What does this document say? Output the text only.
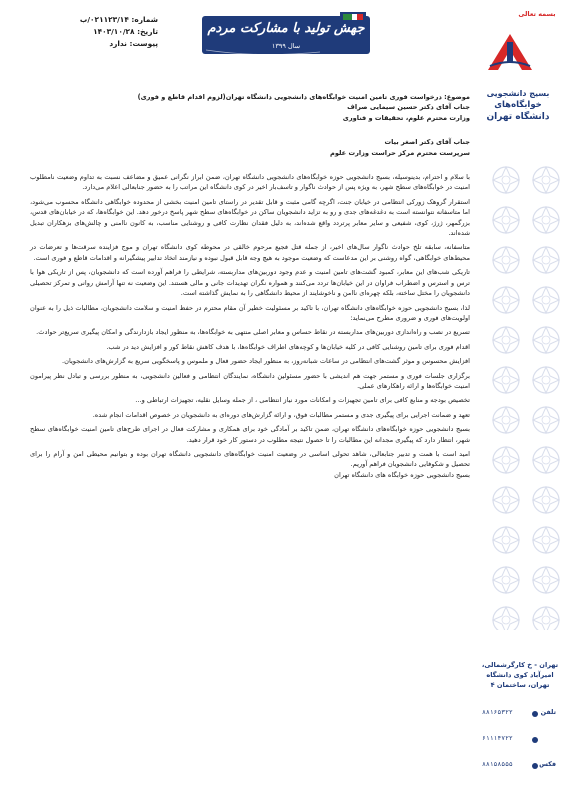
شماره: ۰۲۱۱۲۳/۱۴/ب
تاریخ: ۱۴۰۳/۱۰/۲۸
پیوست: ندارد
جهش تولید با مشارکت مردم
سال ۱۳۹۹
بسمه تعالی
بسیج دانشجویی
خوابگاه‌های
دانشگاه تهران
تهران - خ کارگرشمالی، امیرآباد کوی دانشگاه تهران، ساختمان ۴
تلفن
۸۸۱۶۵۳۲۲
۶۱۱۱۴۷۲۲
فکس
۸۸۱۵۸۵۵۵

موضوع: درخواست فوری تامین امنیت خوابگاه‌های دانشجویی دانشگاه تهران(لزوم اقدام قاطع و فوری)

جناب آقای دکتر حسین سیمایی صراف

وزارت محترم علوم، تحقیقات و فناوری

جناب آقای دکتر اصغر بیات

سرپرست محترم مرکز حراست وزارت علوم

با سلام و احترام، بدینوسیله، بسیج دانشجویی حوزه خوابگاه‌های دانشجویی دانشگاه تهران، ضمن ابراز نگرانی عمیق و مضاعف نسبت به تداوم وضعیت نامطلوب امنیت در خوابگاه‌های سطح شهر، به ویژه پس از حوادث ناگوار و تاسف‌بار اخیر در کوی دانشگاه این مراتب را به حضور جنابعالی اعلام می‌دارد.

استقرار گروهک زورکی انتظامی در خیابان جنت، اگرچه گامی مثبت و قابل تقدیر در راستای تامین امنیت بخشی از محدوده خوابگاهی دانشگاه محسوب می‌شود، اما متاسفانه نتوانسته است به دغدغه‌های جدی و رو به تزاید دانشجویان ساکن در خوابگاه‌های سطح شهر پاسخ درخور دهد. این خوابگاه‌ها، که در خیابان‌های قدس، بزرگمهر، ژرژ، کوی، شفیعی و سایر معابر پرتردد واقع شده‌اند، به دلیل فقدان نظارت کافی و روشنایی مناسب، به کانون ناامنی و چالش‌های بزهکاران تبدیل شده‌اند.

متاسفانه، سابقه تلخ حوادث ناگوار سال‌های اخیر، از جمله قتل فجیع مرحوم خالقی در محوطه کوی دانشگاه تهران و موج فزاینده سرقت‌ها و تعرضات در محیط‌های خوابگاهی، گواه روشنی بر این مدعاست که وضعیت موجود به هیچ وجه قابل قبول نبوده و نیازمند اتخاذ تدابیر پیشگیرانه و اقدامات قاطع و فوری است.

تاریکی شب‌های این معابر، کمبود گشت‌های تامین امنیت و عدم وجود دوربین‌های مداربسته، شرایطی را فراهم آورده است که دانشجویان، پس از تاریکی هوا با ترس و استرس و اضطراب فراوان در این خیابان‌ها تردد می‌کنند و همواره نگران تهدیدات جانی و مالی هستند. این وضعیت نه تنها آرامش روانی و تمرکز تحصیلی دانشجویان را مختل ساخته، بلکه چهره‌ای ناامن و ناخوشایند از محیط دانشگاهی را به نمایش گذاشته است.

لذا، بسیج دانشجویی حوزه خوابگاه‌های دانشگاه تهران، با تاکید بر مسئولیت خطیر آن مقام محترم در حفظ امنیت و سلامت دانشجویان، مطالبات ذیل را به عنوان اولویت‌های فوری و ضروری مطرح می‌نماید:

تسریع در نصب و راه‌اندازی دوربین‌های مداربسته در نقاط حساس و معابر اصلی منتهی به خوابگاه‌ها، به منظور ایجاد بازدارندگی و امکان پیگیری سریع‌تر حوادث.

اقدام فوری برای تامین روشنایی کافی در کلیه خیابان‌ها و کوچه‌های اطراف خوابگاه‌ها، با هدف کاهش نقاط کور و افزایش دید در شب.

افزایش محسوس و موثر گشت‌های انتظامی در ساعات شبانه‌روز، به منظور ایجاد حضور فعال و ملموس و پاسخگویی سریع به گزارش‌های دانشجویان.

برگزاری جلسات فوری و مستمر جهت هم اندیشی با حضور مسئولین دانشگاه، نمایندگان انتظامی و فعالین دانشجویی، به منظور بررسی و تبادل نظر پیرامون امنیت خوابگاه‌ها و ارائه راهکارهای عملی.

تخصیص بودجه و منابع کافی برای تامین تجهیزات و امکانات مورد نیاز انتظامی ، از جمله وسایل نقلیه، تجهیزات ارتباطی و...

تعهد و ضمانت اجرایی برای پیگیری جدی و مستمر مطالبات فوق، و ارائه گزارش‌های دوره‌ای به دانشجویان در خصوص اقدامات انجام شده.

بسیج دانشجویی حوزه خوابگاه‌های دانشگاه تهران، ضمن تاکید بر آمادگی خود برای همکاری و مشارکت فعال در اجرای طرح‌های تامین امنیت خوابگاه‌های سطح شهر، انتظار دارد که پیگیری مجدانه این مطالبات را تا حصول نتیجه مطلوب در دستور کار خود قرار دهید.

امید است با همت و تدبیر جنابعالی، شاهد تحولی اساسی در وضعیت امنیت خوابگاه‌های دانشجویی دانشگاه تهران بوده و بتوانیم محیطی امن و آرام را برای تحصیل و شکوفایی دانشجویان فراهم آوریم.

بسیج دانشجویی حوزه خوابگاه های دانشگاه تهران
